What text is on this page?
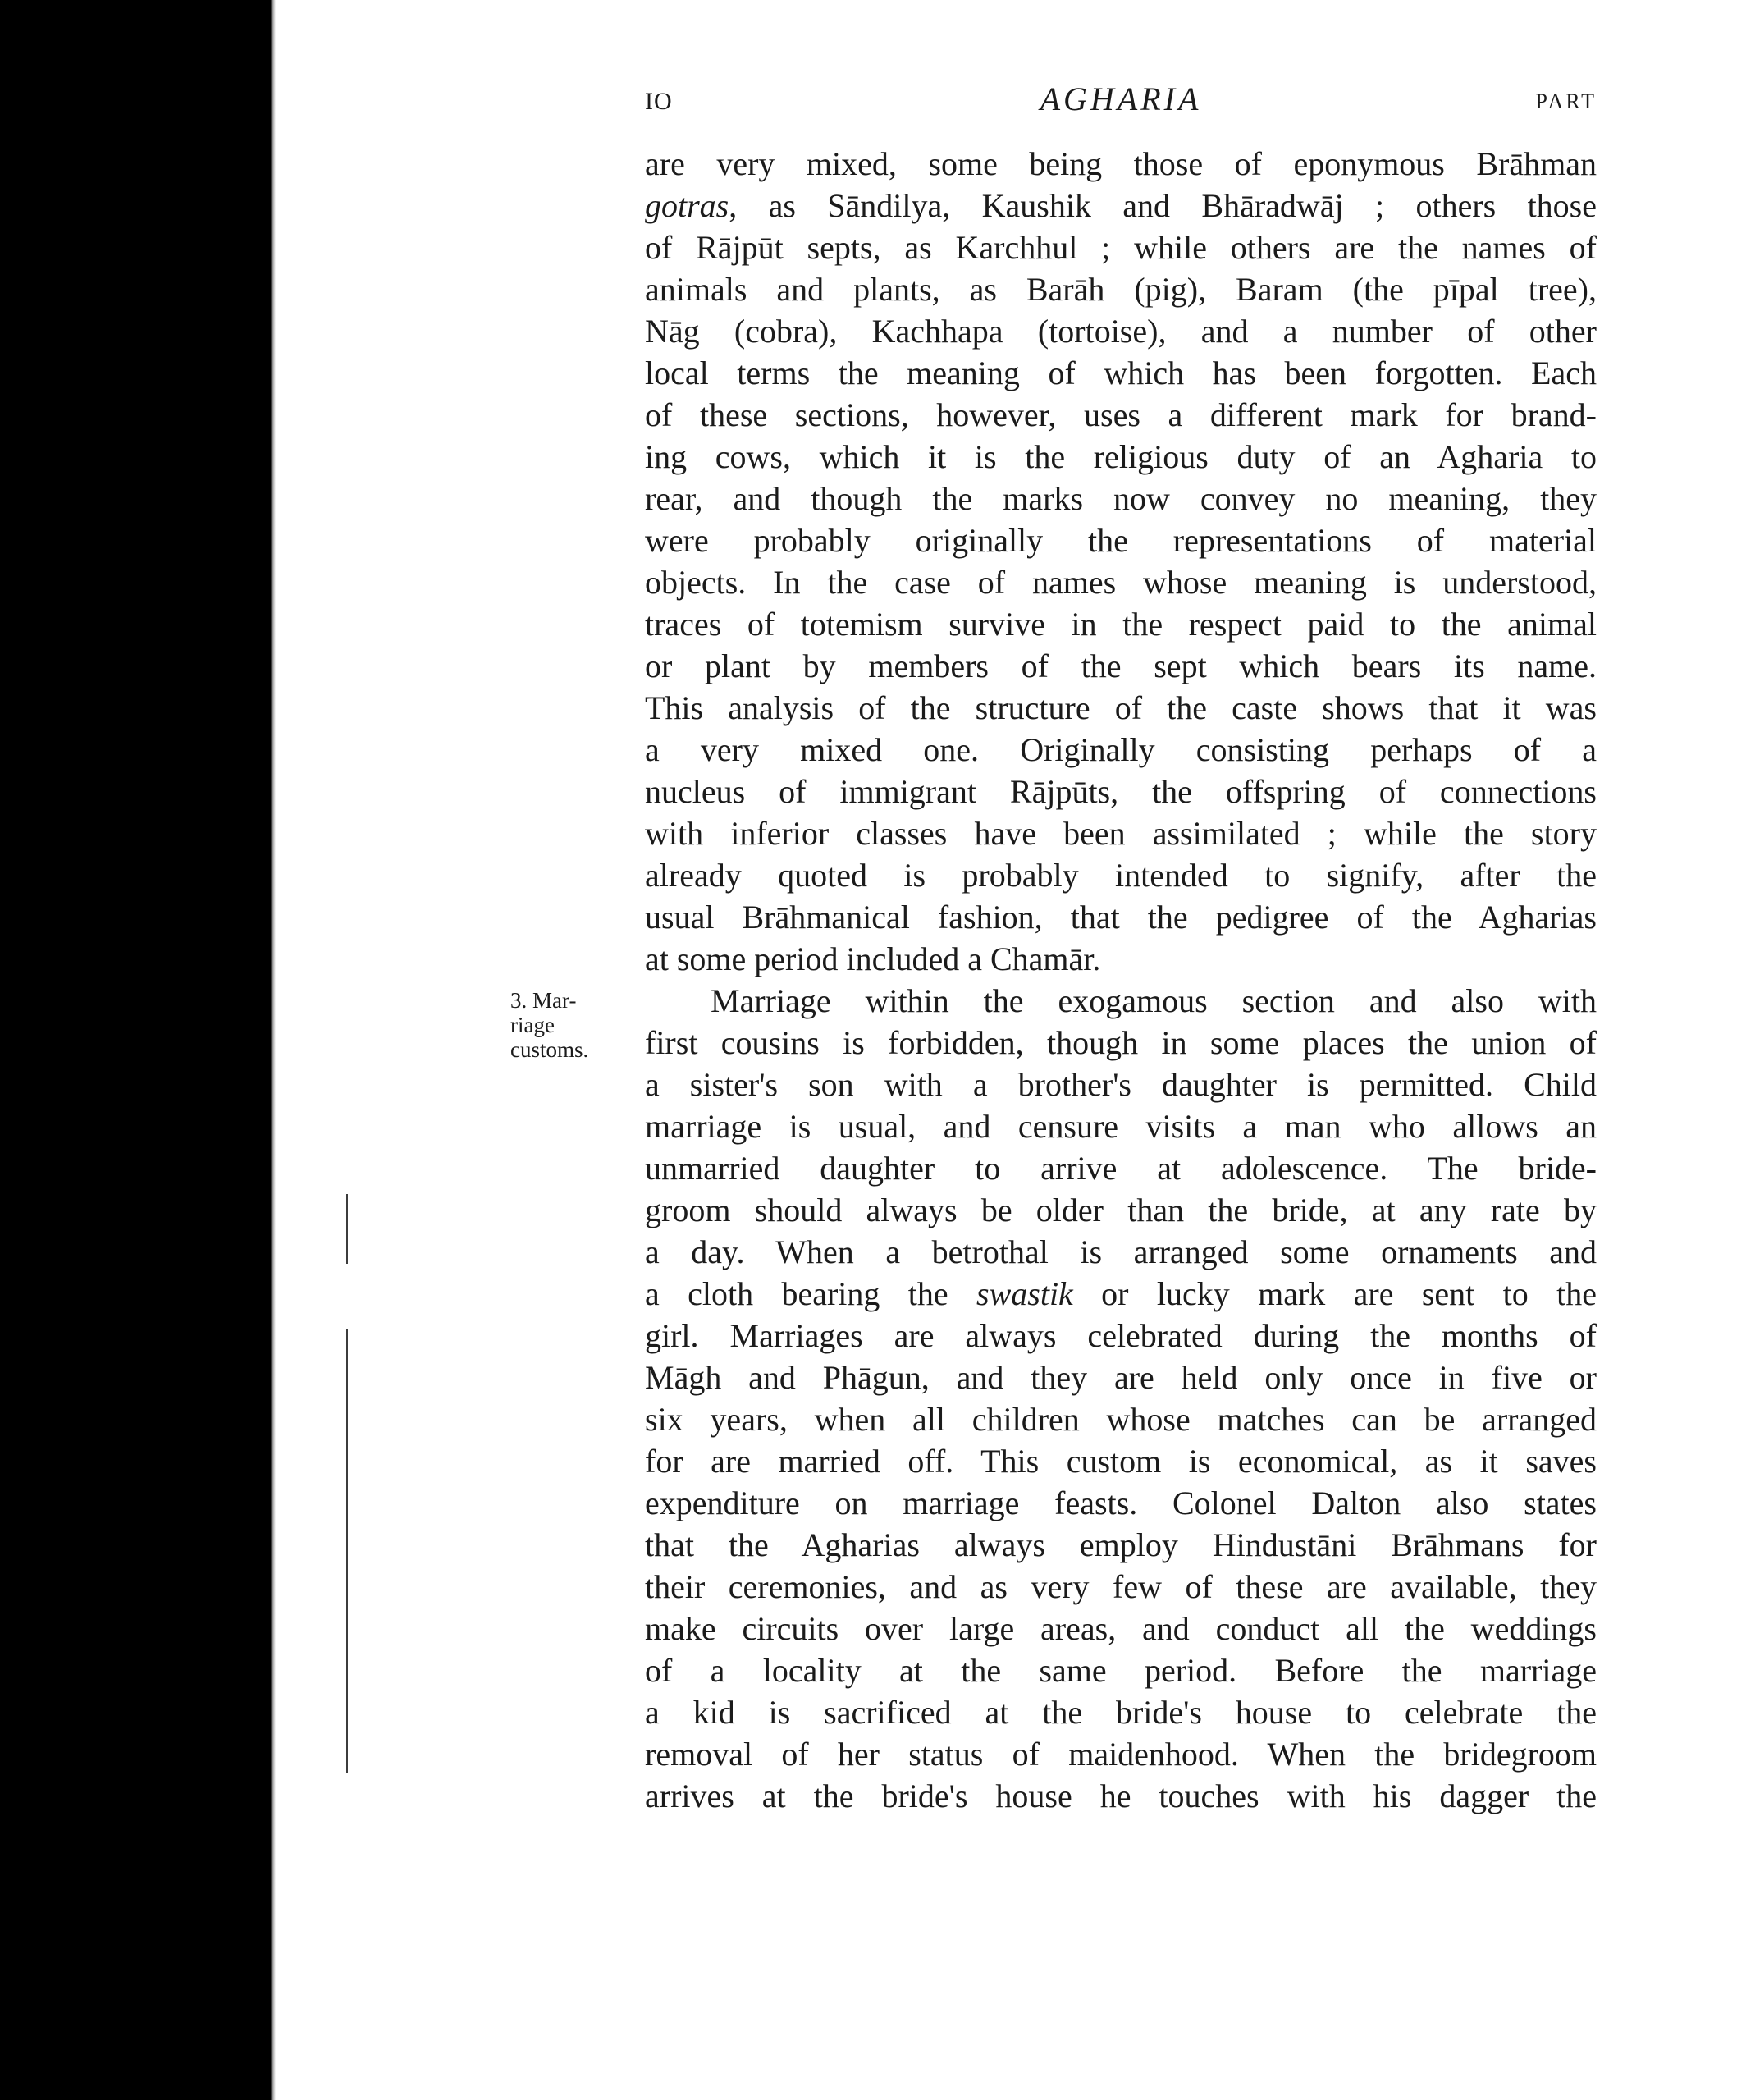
IO	AGHARIA	PART
3. Mar-
riage
customs.
are very mixed, some being those of eponymous Brāhman
gotras, as Sāndilya, Kaushik and Bhāradwāj ; others those
of Rājpūt septs, as Karchhul ; while others are the names of
animals and plants, as Barāh (pig), Baram (the pīpal tree),
Nāg (cobra), Kachhapa (tortoise), and a number of other
local terms the meaning of which has been forgotten. Each
of these sections, however, uses a different mark for brand-
ing cows, which it is the religious duty of an Agharia to
rear, and though the marks now convey no meaning, they
were probably originally the representations of material
objects. In the case of names whose meaning is understood,
traces of totemism survive in the respect paid to the animal
or plant by members of the sept which bears its name.
This analysis of the structure of the caste shows that it was
a very mixed one. Originally consisting perhaps of a
nucleus of immigrant Rājpūts, the offspring of connections
with inferior classes have been assimilated ; while the story
already quoted is probably intended to signify, after the
usual Brāhmanical fashion, that the pedigree of the Agharias
at some period included a Chamār.
Marriage within the exogamous section and also with
first cousins is forbidden, though in some places the union of
a sister's son with a brother's daughter is permitted. Child
marriage is usual, and censure visits a man who allows an
unmarried daughter to arrive at adolescence. The bride-
groom should always be older than the bride, at any rate by
a day. When a betrothal is arranged some ornaments and
a cloth bearing the swastik or lucky mark are sent to the
girl. Marriages are always celebrated during the months of
Māgh and Phāgun, and they are held only once in five or
six years, when all children whose matches can be arranged
for are married off. This custom is economical, as it saves
expenditure on marriage feasts. Colonel Dalton also states
that the Agharias always employ Hindustāni Brāhmans for
their ceremonies, and as very few of these are available, they
make circuits over large areas, and conduct all the weddings
of a locality at the same period. Before the marriage
a kid is sacrificed at the bride's house to celebrate the
removal of her status of maidenhood. When the bridegroom
arrives at the bride's house he touches with his dagger the
